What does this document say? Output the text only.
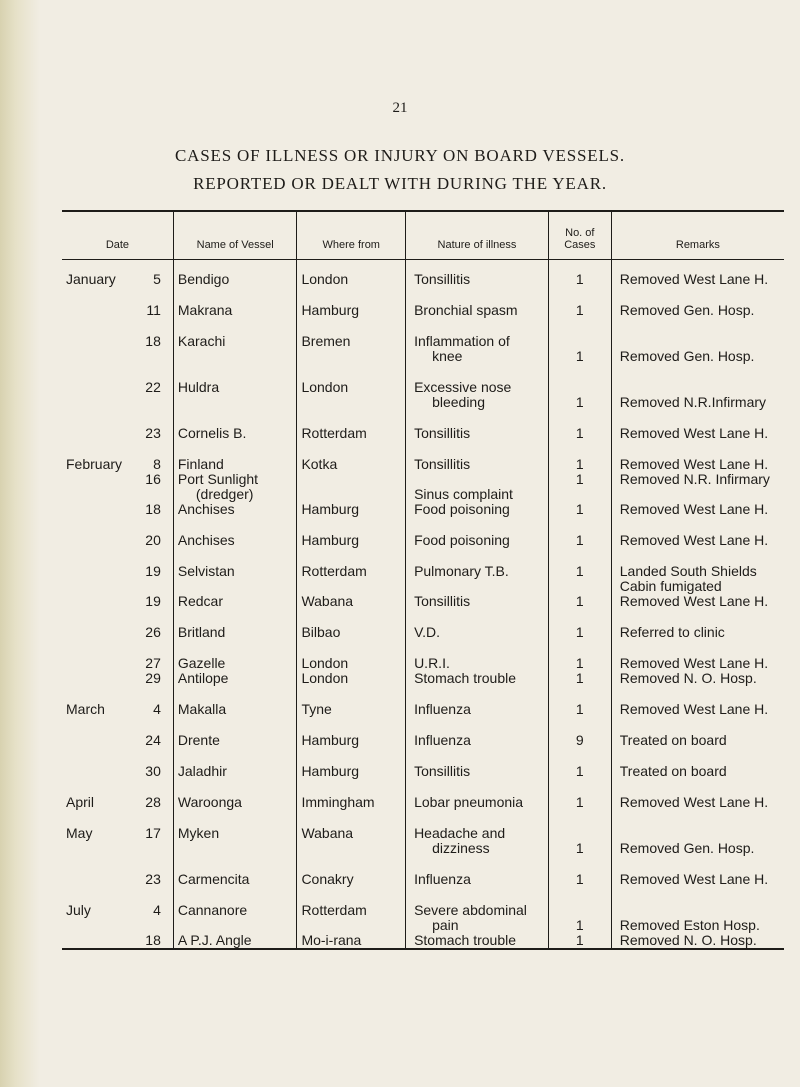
21
CASES OF ILLNESS OR INJURY ON BOARD VESSELS.
REPORTED OR DEALT WITH DURING THE YEAR.
Date	Name of Vessel	Where from	Nature of illness	No. of
Cases	Remarks

January 5	Bendigo	London	Tonsillitis	1	Removed West Lane H.

11	Makrana	Hamburg	Bronchial spasm	1	Removed Gen. Hosp.

18	Karachi	Bremen	Inflammation of
knee	1	Removed Gen. Hosp.

22	Huldra	London	Excessive nose
bleeding	1	Removed N.R.Infirmary

23	Cornelis B.	Rotterdam	Tonsillitis	1	Removed West Lane H.

February 8	Finland	Kotka	Tonsillitis	1	Removed West Lane H.

16	Port Sunlight
(dredger)		Sinus complaint	1	Removed N.R. Infirmary

18	Anchises	Hamburg	Food poisoning	1	Removed West Lane H.

20	Anchises	Hamburg	Food poisoning	1	Removed West Lane H.

19	Selvistan	Rotterdam	Pulmonary T.B.	1	Landed South Shields
Cabin fumigated

19	Redcar	Wabana	Tonsillitis	1	Removed West Lane H.

26	Britland	Bilbao	V.D.	1	Referred to clinic

27	Gazelle	London	U.R.I.	1	Removed West Lane H.

29	Antilope	London	Stomach trouble	1	Removed N. O. Hosp.

March 4	Makalla	Tyne	Influenza	1	Removed West Lane H.

24	Drente	Hamburg	Influenza	9	Treated on board

30	Jaladhir	Hamburg	Tonsillitis	1	Treated on board

April 28	Waroonga	Immingham	Lobar pneumonia	1	Removed West Lane H.

May 17	Myken	Wabana	Headache and
dizziness	1	Removed Gen. Hosp.

23	Carmencita	Conakry	Influenza	1	Removed West Lane H.

July 4	Cannanore	Rotterdam	Severe abdominal
pain	1	Removed Eston Hosp.

18	A P.J. Angle	Mo-i-rana	Stomach trouble	1	Removed N. O. Hosp.
